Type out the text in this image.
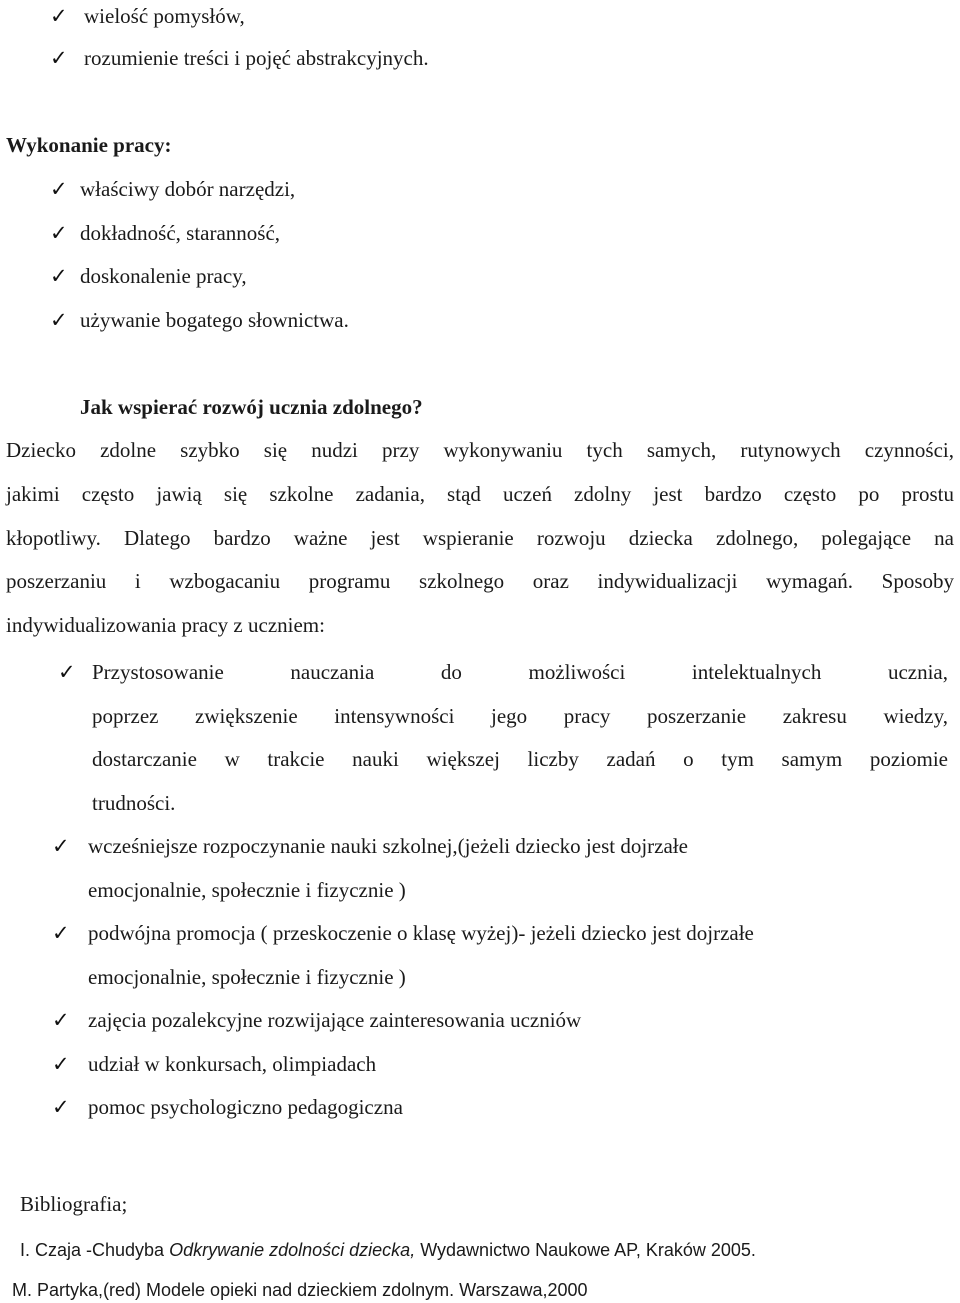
✓ wielość pomysłów,
✓ rozumienie treści i pojęć abstrakcyjnych.
Wykonanie pracy:
✓ właściwy dobór narzędzi,
✓ dokładność, staranność,
✓ doskonalenie pracy,
✓ używanie bogatego słownictwa.
Jak wspierać rozwój ucznia zdolnego?
Dziecko zdolne szybko się nudzi przy wykonywaniu tych samych, rutynowych czynności,
jakimi często jawią się szkolne zadania, stąd uczeń zdolny jest bardzo często po prostu
kłopotliwy. Dlatego bardzo ważne jest wspieranie rozwoju dziecka zdolnego, polegające na
poszerzaniu i wzbogacaniu programu szkolnego oraz indywidualizacji wymagań. Sposoby
indywidualizowania pracy z uczniem:
✓ Przystosowanie nauczania do możliwości intelektualnych ucznia,
poprzez zwiększenie intensywności jego pracy poszerzanie zakresu wiedzy,
dostarczanie w trakcie nauki większej liczby zadań o tym samym poziomie
trudności.
✓ wcześniejsze rozpoczynanie nauki szkolnej,(jeżeli dziecko jest dojrzałe
emocjonalnie, społecznie i fizycznie )
✓ podwójna promocja ( przeskoczenie o klasę wyżej)- jeżeli dziecko jest dojrzałe
emocjonalnie, społecznie i fizycznie )
✓ zajęcia pozalekcyjne rozwijające zainteresowania uczniów
✓ udział w konkursach, olimpiadach
✓ pomoc psychologiczno pedagogiczna
Bibliografia;
I. Czaja -Chudyba Odkrywanie zdolności dziecka, Wydawnictwo Naukowe AP, Kraków 2005.
M. Partyka,(red) Modele opieki nad dzieckiem zdolnym. Warszawa,2000
